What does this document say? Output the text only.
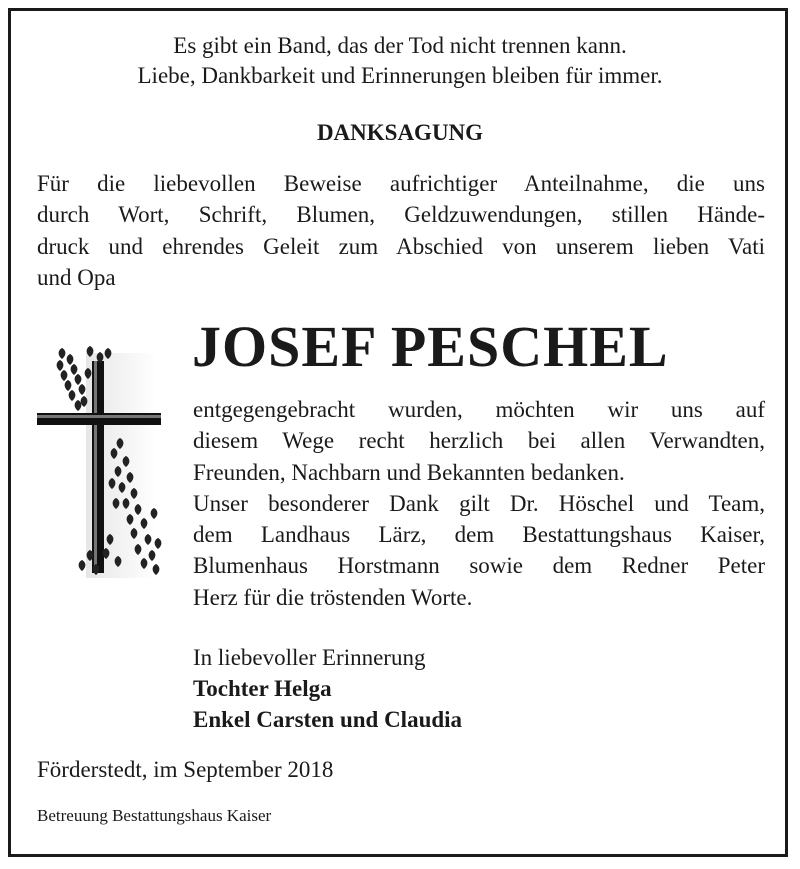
Es gibt ein Band, das der Tod nicht trennen kann.
Liebe, Dankbarkeit und Erinnerungen bleiben für immer.
DANKSAGUNG

Für die liebevollen Beweise aufrichtiger Anteilnahme, die uns
durch Wort, Schrift, Blumen, Geldzuwendungen, stillen Hände-
druck und ehrendes Geleit zum Abschied von unserem lieben Vati
und Opa

JOSEF PESCHEL

entgegengebracht wurden, möchten wir uns auf
diesem Wege recht herzlich bei allen Verwandten,
Freunden, Nachbarn und Bekannten bedanken.
Unser besonderer Dank gilt Dr. Höschel und Team,
dem Landhaus Lärz, dem Bestattungshaus Kaiser,
Blumenhaus Horstmann sowie dem Redner Peter
Herz für die tröstenden Worte.

In liebevoller Erinnerung
Tochter Helga
Enkel Carsten und Claudia
Förderstedt, im September 2018
Betreuung Bestattungshaus Kaiser
